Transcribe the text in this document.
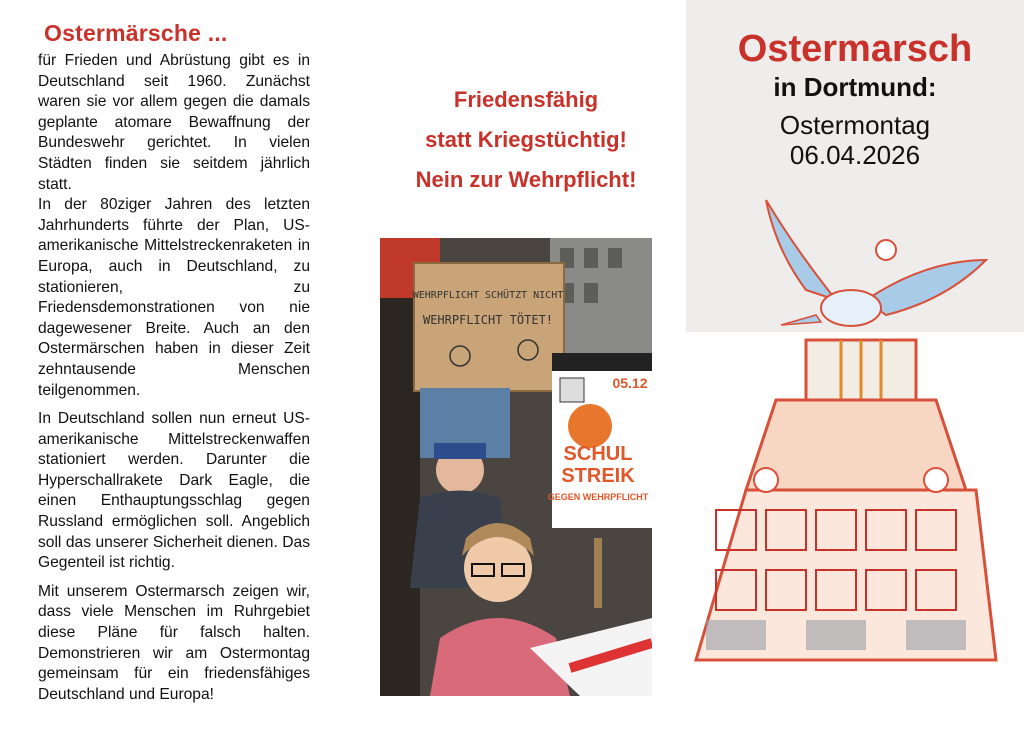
Ostermärsche ...

für Frieden und Abrüstung gibt es in Deutschland seit 1960. Zunächst waren sie vor allem gegen die damals geplante atomare Bewaffnung der Bundeswehr gerichtet. In vielen Städten finden sie seitdem jährlich statt.

In der 80ziger Jahren des letzten Jahrhunderts führte der Plan, US-amerikanische Mittelstreckenraketen in Europa, auch in Deutschland, zu stationieren, zu Friedensdemonstrationen von nie dagewesener Breite. Auch an den Ostermärschen haben in dieser Zeit zehntausende Menschen teilgenommen.

In Deutschland sollen nun erneut US-amerikanische Mittelstreckenwaffen stationiert werden. Darunter die Hyperschallrakete Dark Eagle, die einen Enthauptungsschlag gegen Russland ermöglichen soll. Angeblich soll das unserer Sicherheit dienen. Das Gegenteil ist richtig.

Mit unserem Ostermarsch zeigen wir, dass viele Menschen im Ruhrgebiet diese Pläne für falsch halten. Demonstrieren wir am Ostermontag gemeinsam für ein friedensfähiges Deutschland und Europa!

Friedensfähig

statt Kriegstüchtig!

Nein zur Wehrpflicht!

WEHRPFLICHT SCHÜTZT NICHT
WEHRPFLICHT TÖTET!
05.12
SCHUL
STREIK
GEGEN WEHRPFLICHT
Ostermarsch
in Dortmund:
Ostermontag
06.04.2026
